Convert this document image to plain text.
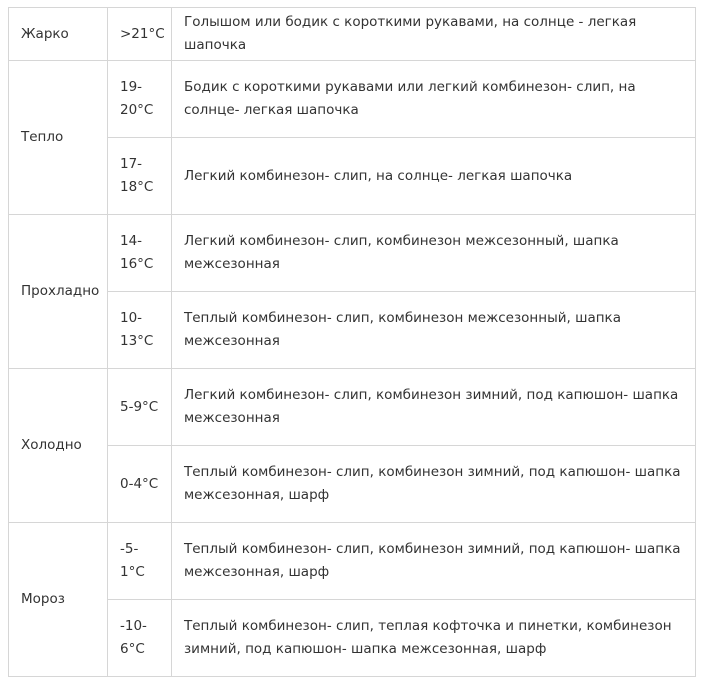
Жарко	>21°C	Голышом или бодик с короткими рукавами, на солнце - легкая шапочка
Тепло	19-20°C	Бодик с короткими рукавами или легкий комбинезон- слип, на солнце- легкая шапочка
	17-18°C	Легкий комбинезон- слип, на солнце- легкая шапочка
Прохладно	14-16°C	Легкий комбинезон- слип, комбинезон межсезонный, шапка межсезонная
	10-13°C	Теплый комбинезон- слип, комбинезон межсезонный, шапка межсезонная
Холодно	5-9°C	Легкий комбинезон- слип, комбинезон зимний, под капюшон- шапка межсезонная
	0-4°C	Теплый комбинезон- слип, комбинезон зимний, под капюшон- шапка межсезонная, шарф
Мороз	-5-1°C	Теплый комбинезон- слип, комбинезон зимний, под капюшон- шапка межсезонная, шарф
	-10-6°C	Теплый комбинезон- слип, теплая кофточка и пинетки, комбинезон зимний, под капюшон- шапка межсезонная, шарф
